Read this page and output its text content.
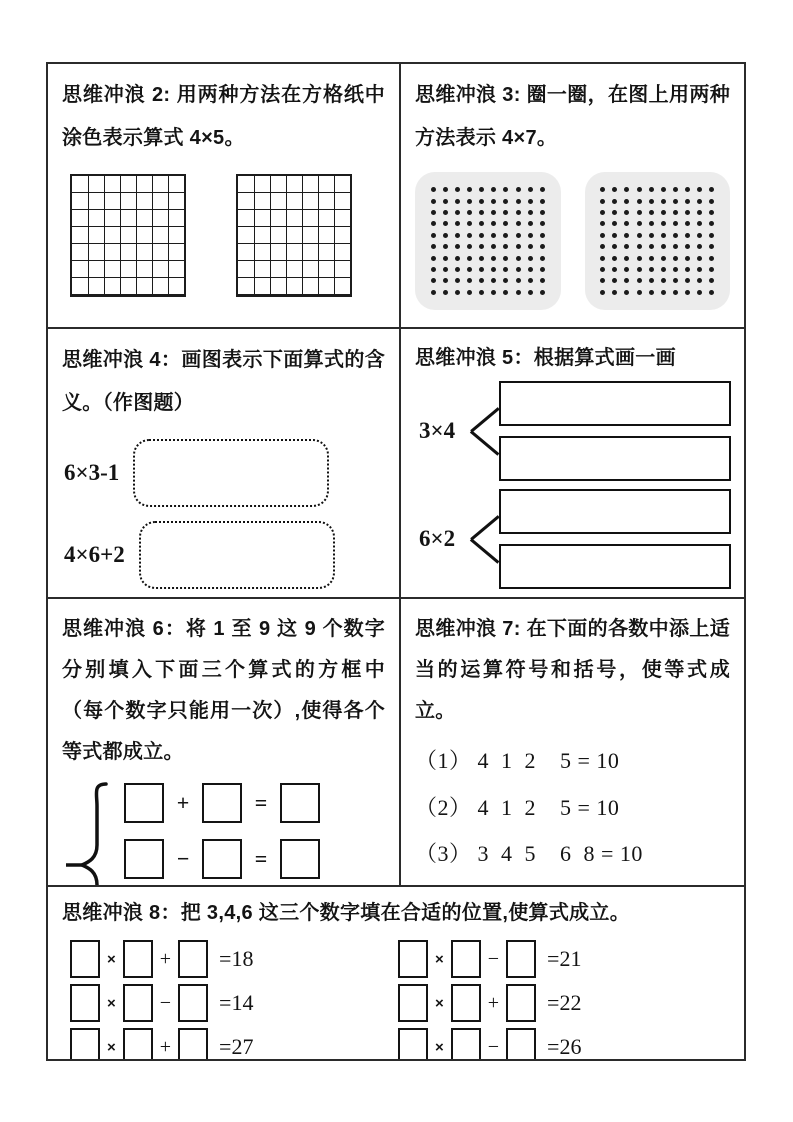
思维冲浪 2: 用两种方法在方格纸中涂色表示算式 4×5。

思维冲浪 3: 圈一圈，在图上用两种方法表示 4×7。

思维冲浪 4：画图表示下面算式的含义。（作图题）

6×3-1
4×6+2

思维冲浪 5：根据算式画一画

3×4
6×2

思维冲浪 6：将 1 至 9 这 9 个数字分别填入下面三个算式的方框中（每个数字只能用一次）,使得各个等式都成立。

+	=
−	=

思维冲浪 7: 在下面的各数中添上适当的运算符号和括号，使等式成立。

（1） 4  1  2    5 = 10
（2） 4  1  2    5 = 10
（3） 3  4  5    6  8 = 10

思维冲浪 8：把 3,4,6 这三个数字填在合适的位置,使算式成立。

× + =18
× − =14
× + =27
× − =21
× + =22
× − =26
